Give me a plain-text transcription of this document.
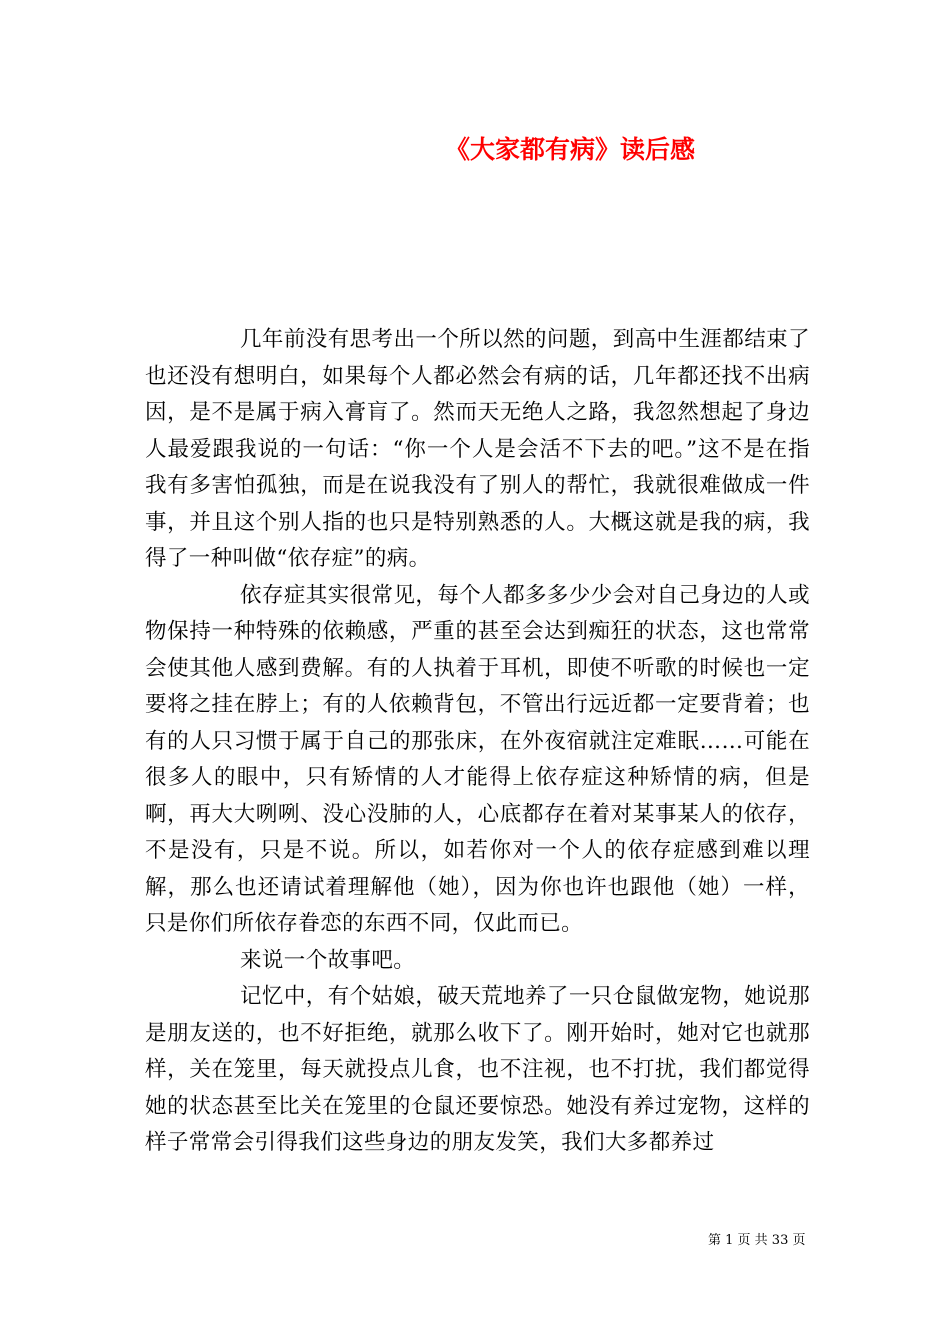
《大家都有病》读后感

几年前没有思考出一个所以然的问题，到高中生涯都结束了也还没有想明白，如果每个人都必然会有病的话，几年都还找不出病因，是不是属于病入膏肓了。然而天无绝人之路，我忽然想起了身边人最爱跟我说的一句话：“你一个人是会活不下去的吧。”这不是在指我有多害怕孤独，而是在说我没有了别人的帮忙，我就很难做成一件事，并且这个别人指的也只是特别熟悉的人。大概这就是我的病，我得了一种叫做“依存症”的病。

依存症其实很常见，每个人都多多少少会对自己身边的人或物保持一种特殊的依赖感，严重的甚至会达到痴狂的状态，这也常常会使其他人感到费解。有的人执着于耳机，即使不听歌的时候也一定要将之挂在脖上；有的人依赖背包，不管出行远近都一定要背着；也有的人只习惯于属于自己的那张床，在外夜宿就注定难眠……可能在很多人的眼中，只有矫情的人才能得上依存症这种矫情的病，但是啊，再大大咧咧、没心没肺的人，心底都存在着对某事某人的依存，不是没有，只是不说。所以，如若你对一个人的依存症感到难以理解，那么也还请试着理解他（她），因为你也许也跟他（她）一样，只是你们所依存眷恋的东西不同，仅此而已。

来说一个故事吧。

记忆中，有个姑娘，破天荒地养了一只仓鼠做宠物，她说那是朋友送的，也不好拒绝，就那么收下了。刚开始时，她对它也就那样，关在笼里，每天就投点儿食，也不注视，也不打扰，我们都觉得她的状态甚至比关在笼里的仓鼠还要惊恐。她没有养过宠物，这样的样子常常会引得我们这些身边的朋友发笑，我们大多都养过

第 1 页 共 33 页
